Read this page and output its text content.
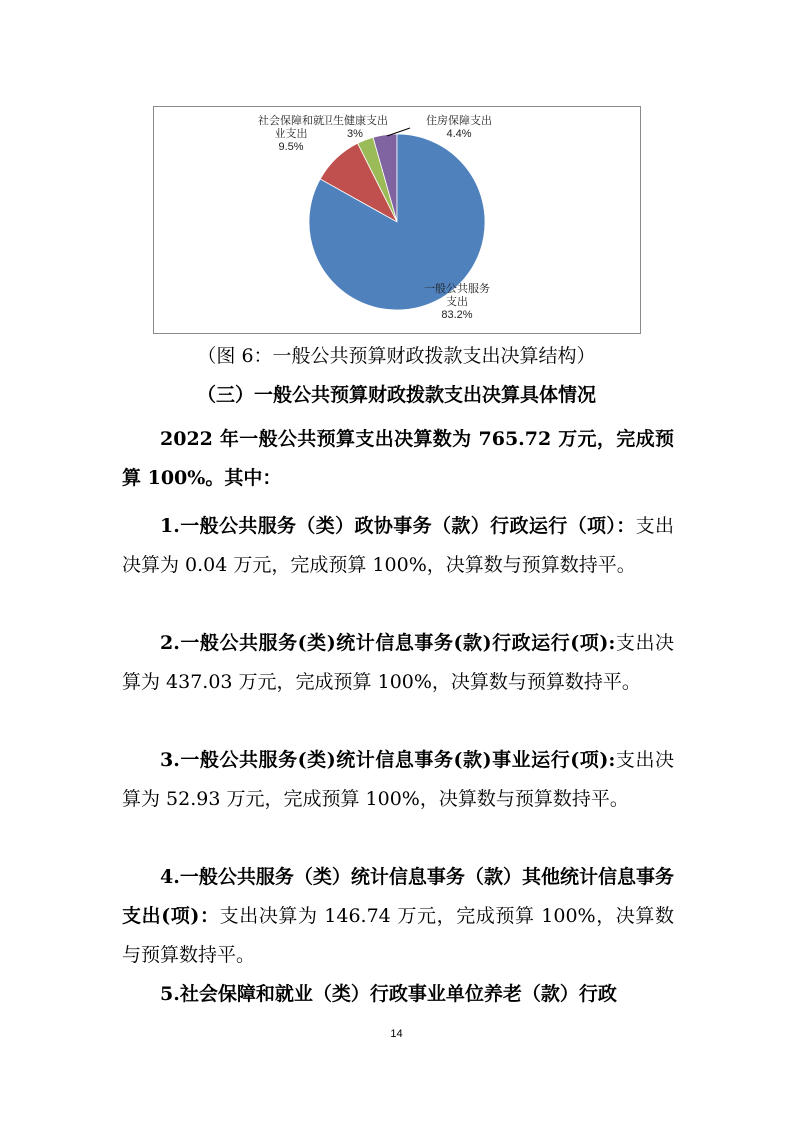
社会保障和就
业支出
9.5%
卫生健康支出
3%
住房保障支出
4.4%
一般公共服务
支出
83.2%
（图 6：一般公共预算财政拨款支出决算结构）
（三）一般公共预算财政拨款支出决算具体情况
2022 年一般公共预算支出决算数为 765.72 万元，完成预算 100%。其中：
1.一般公共服务（类）政协事务（款）行政运行（项）：支出决算为 0.04 万元，完成预算 100%，决算数与预算数持平。
2.一般公共服务(类)统计信息事务(款)行政运行(项):支出决算为 437.03 万元，完成预算 100%，决算数与预算数持平。
3.一般公共服务(类)统计信息事务(款)事业运行(项):支出决算为 52.93 万元，完成预算 100%，决算数与预算数持平。
4.一般公共服务（类）统计信息事务（款）其他统计信息事务支出(项)：支出决算为 146.74 万元，完成预算 100%，决算数与预算数持平。
5.社会保障和就业（类）行政事业单位养老（款）行政
14
